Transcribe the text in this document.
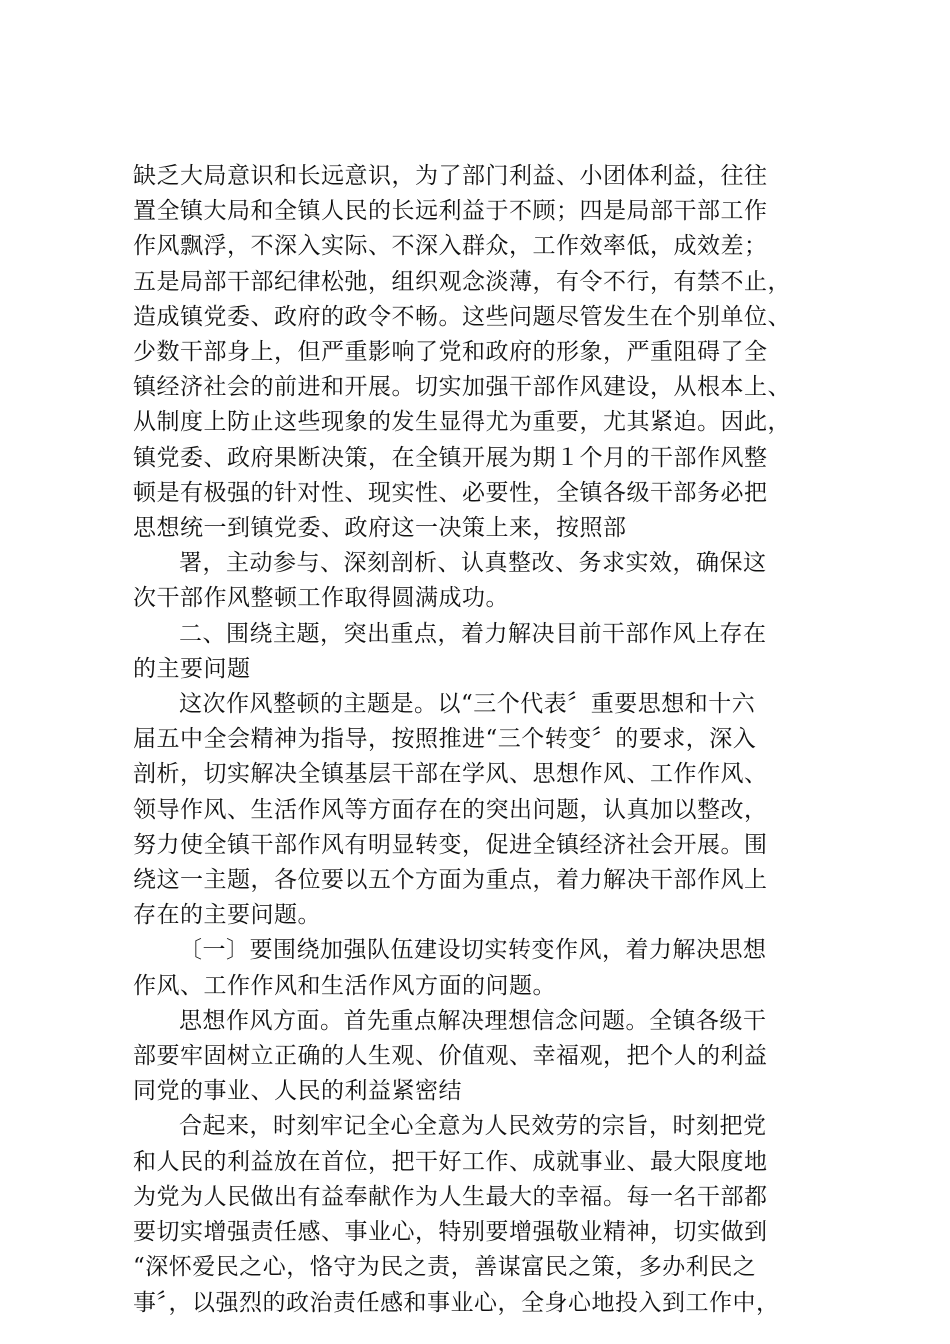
缺乏大局意识和长远意识，为了部门利益、小团体利益，往往
置全镇大局和全镇人民的长远利益于不顾；四是局部干部工作
作风飘浮，不深入实际、不深入群众，工作效率低，成效差；
五是局部干部纪律松弛，组织观念淡薄，有令不行，有禁不止，
造成镇党委、政府的政令不畅。这些问题尽管发生在个别单位、
少数干部身上，但严重影响了党和政府的形象，严重阻碍了全
镇经济社会的前进和开展。切实加强干部作风建设，从根本上、
从制度上防止这些现象的发生显得尤为重要，尤其紧迫。因此，
镇党委、政府果断决策，在全镇开展为期１个月的干部作风整
顿是有极强的针对性、现实性、必要性，全镇各级干部务必把
思想统一到镇党委、政府这一决策上来，按照部
署，主动参与、深刻剖析、认真整改、务求实效，确保这
次干部作风整顿工作取得圆满成功。
二、围绕主题，突出重点，着力解决目前干部作风上存在
的主要问题
这次作风整顿的主题是。以“三个代表〞重要思想和十六
届五中全会精神为指导，按照推进“三个转变〞的要求，深入
剖析，切实解决全镇基层干部在学风、思想作风、工作作风、
领导作风、生活作风等方面存在的突出问题，认真加以整改，
努力使全镇干部作风有明显转变，促进全镇经济社会开展。围
绕这一主题，各位要以五个方面为重点，着力解决干部作风上
存在的主要问题。
〔一〕要围绕加强队伍建设切实转变作风，着力解决思想
作风、工作作风和生活作风方面的问题。
思想作风方面。首先重点解决理想信念问题。全镇各级干
部要牢固树立正确的人生观、价值观、幸福观，把个人的利益
同党的事业、人民的利益紧密结
合起来，时刻牢记全心全意为人民效劳的宗旨，时刻把党
和人民的利益放在首位，把干好工作、成就事业、最大限度地
为党为人民做出有益奉献作为人生最大的幸福。每一名干部都
要切实增强责任感、事业心，特别要增强敬业精神，切实做到
“深怀爱民之心，恪守为民之责，善谋富民之策，多办利民之
事〞，以强烈的政治责任感和事业心，全身心地投入到工作中，
